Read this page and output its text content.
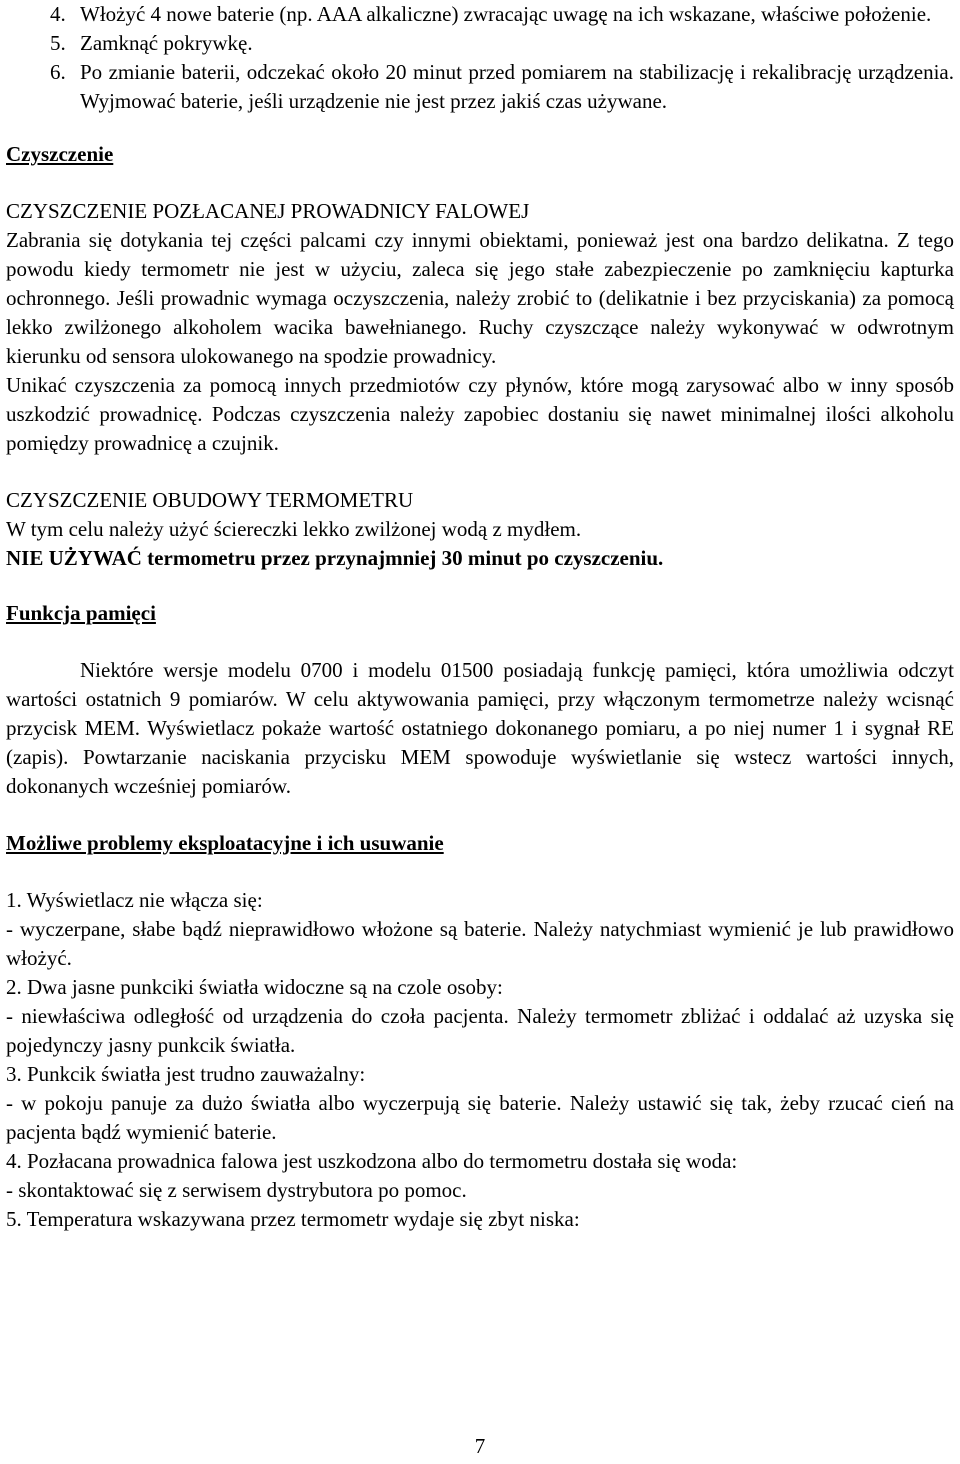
4. Włożyć 4 nowe baterie (np. AAA alkaliczne) zwracając uwagę na ich wskazane, właściwe położenie.
5. Zamknąć pokrywkę.
6. Po zmianie baterii, odczekać około 20 minut przed pomiarem na stabilizację i rekalibrację urządzenia. Wyjmować baterie, jeśli urządzenie nie jest przez jakiś czas używane.

Czyszczenie

CZYSZCZENIE POZŁACANEJ PROWADNICY FALOWEJ

Zabrania się dotykania tej części palcami czy innymi obiektami, ponieważ jest ona bardzo delikatna. Z tego powodu kiedy termometr nie jest w użyciu, zaleca się jego stałe zabezpieczenie po zamknięciu kapturka ochronnego. Jeśli prowadnic wymaga oczyszczenia, należy zrobić to (delikatnie i bez przyciskania) za pomocą lekko zwilżonego alkoholem wacika bawełnianego. Ruchy czyszczące należy wykonywać w odwrotnym kierunku od sensora ulokowanego na spodzie prowadnicy.

Unikać czyszczenia za pomocą innych przedmiotów czy płynów, które mogą zarysować albo w inny sposób uszkodzić prowadnicę. Podczas czyszczenia należy zapobiec dostaniu się nawet minimalnej ilości alkoholu pomiędzy prowadnicę a czujnik.

CZYSZCZENIE OBUDOWY TERMOMETRU

W tym celu należy użyć ściereczki lekko zwilżonej wodą z mydłem.

NIE UŻYWAĆ termometru przez przynajmniej 30 minut po czyszczeniu.

Funkcja pamięci

Niektóre wersje modelu 0700 i modelu 01500 posiadają funkcję pamięci, która umożliwia odczyt wartości ostatnich 9 pomiarów. W celu aktywowania pamięci, przy włączonym termometrze należy wcisnąć przycisk MEM. Wyświetlacz pokaże wartość ostatniego dokonanego pomiaru, a po niej numer 1 i sygnał RE (zapis). Powtarzanie naciskania przycisku MEM spowoduje wyświetlanie się wstecz wartości innych, dokonanych wcześniej pomiarów.

Możliwe problemy eksploatacyjne i ich usuwanie

1. Wyświetlacz nie włącza się:

- wyczerpane, słabe bądź nieprawidłowo włożone są baterie. Należy natychmiast wymienić je lub prawidłowo włożyć.

2. Dwa jasne punkciki światła widoczne są na czole osoby:

- niewłaściwa odległość od urządzenia do czoła pacjenta. Należy termometr zbliżać i oddalać aż uzyska się pojedynczy jasny punkcik światła.

3. Punkcik światła jest trudno zauważalny:

- w pokoju panuje za dużo światła albo wyczerpują się baterie. Należy ustawić się tak, żeby rzucać cień na pacjenta bądź wymienić baterie.

4. Pozłacana prowadnica falowa jest uszkodzona albo do termometru dostała się woda:

- skontaktować się z serwisem dystrybutora po pomoc.

5. Temperatura wskazywana przez termometr wydaje się zbyt niska:

7
